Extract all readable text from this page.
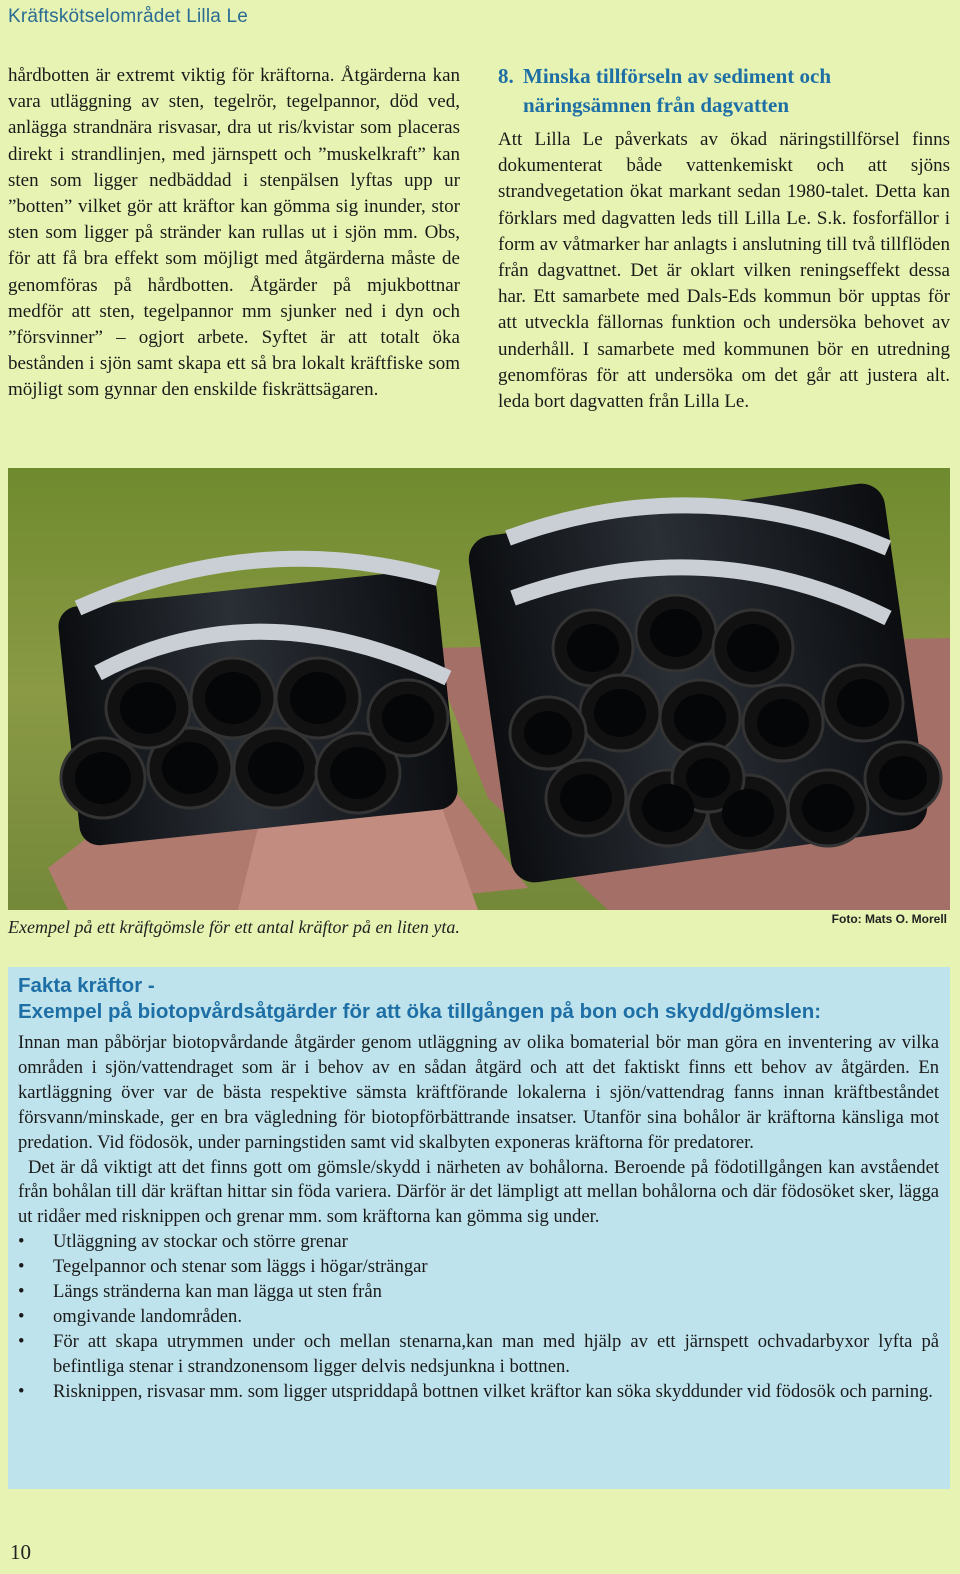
Kräftskötselområdet Lilla Le

hårdbotten är extremt viktig för kräftorna. Åtgärderna kan vara utläggning av sten, tegelrör, tegelpannor, död ved, anlägga strandnära risvasar, dra ut ris/kvistar som placeras direkt i strandlinjen, med järnspett och ”muskelkraft” kan sten som ligger nedbäddad i stenpälsen lyftas upp ur ”botten” vilket gör att kräftor kan gömma sig inunder, stor sten som ligger på stränder kan rullas ut i sjön mm. Obs, för att få bra effekt som möjligt med åtgärderna måste de genomföras på hårdbotten. Åtgärder på mjukbottnar medför att sten, tegelpannor mm sjunker ned i dyn och ”försvinner” – ogjort arbete. Syftet är att totalt öka bestånden i sjön samt skapa ett så bra lokalt kräftfiske som möjligt som gynnar den enskilde fiskrättsägaren.

8. Minska tillförseln av sediment och
näringsämnen från dagvatten

Att Lilla Le påverkats av ökad näringstillförsel finns dokumenterat både vattenkemiskt och att sjöns strandvegetation ökat markant sedan 1980-talet. Detta kan förklars med dagvatten leds till Lilla Le. S.k. fosforfällor i form av våtmarker har anlagts i anslutning till två tillflöden från dagvattnet. Det är oklart vilken reningseffekt dessa har. Ett samarbete med Dals-Eds kommun bör upptas för att utveckla fällornas funktion och undersöka behovet av underhåll. I samarbete med kommunen bör en utredning genomföras för att undersöka om det går att justera alt. leda bort dagvatten från Lilla Le.

Exempel på ett kräftgömsle för ett antal kräftor på en liten yta.	Foto: Mats O. Morell
Fakta kräftor -
Exempel på biotopvårdsåtgärder för att öka tillgången på bon och skydd/gömslen:

Innan man påbörjar biotopvårdande åtgärder genom utläggning av olika bomaterial bör man göra en inventering av vilka områden i sjön/vattendraget som är i behov av en sådan åtgärd och att det faktiskt finns ett behov av åtgärden. En kartläggning över var de bästa respektive sämsta kräftförande lokalerna i sjön/vattendrag fanns innan kräftbeståndet försvann/minskade, ger en bra vägledning för biotopförbättrande insatser. Utanför sina bohålor är kräftorna känsliga mot predation. Vid födosök, under parningstiden samt vid skalbyten exponeras kräftorna för predatorer.

Det är då viktigt att det finns gott om gömsle/skydd i närheten av bohålorna. Beroende på födotillgången kan avståendet från bohålan till där kräftan hittar sin föda variera. Därför är det lämpligt att mellan bohålorna och där födosöket sker, lägga ut ridåer med risknippen och grenar mm. som kräftorna kan gömma sig under.

• Utläggning av stockar och större grenar
• Tegelpannor och stenar som läggs i högar/strängar
• Längs stränderna kan man lägga ut sten från
• omgivande landområden.
• För att skapa utrymmen under och mellan stenarna,kan man med hjälp av ett järnspett ochvadarbyxor lyfta på befintliga stenar i strandzonensom ligger delvis nedsjunkna i bottnen.
• Risknippen, risvasar mm. som ligger utspriddapå bottnen vilket kräftor kan söka skyddunder vid födosök och parning.
10
